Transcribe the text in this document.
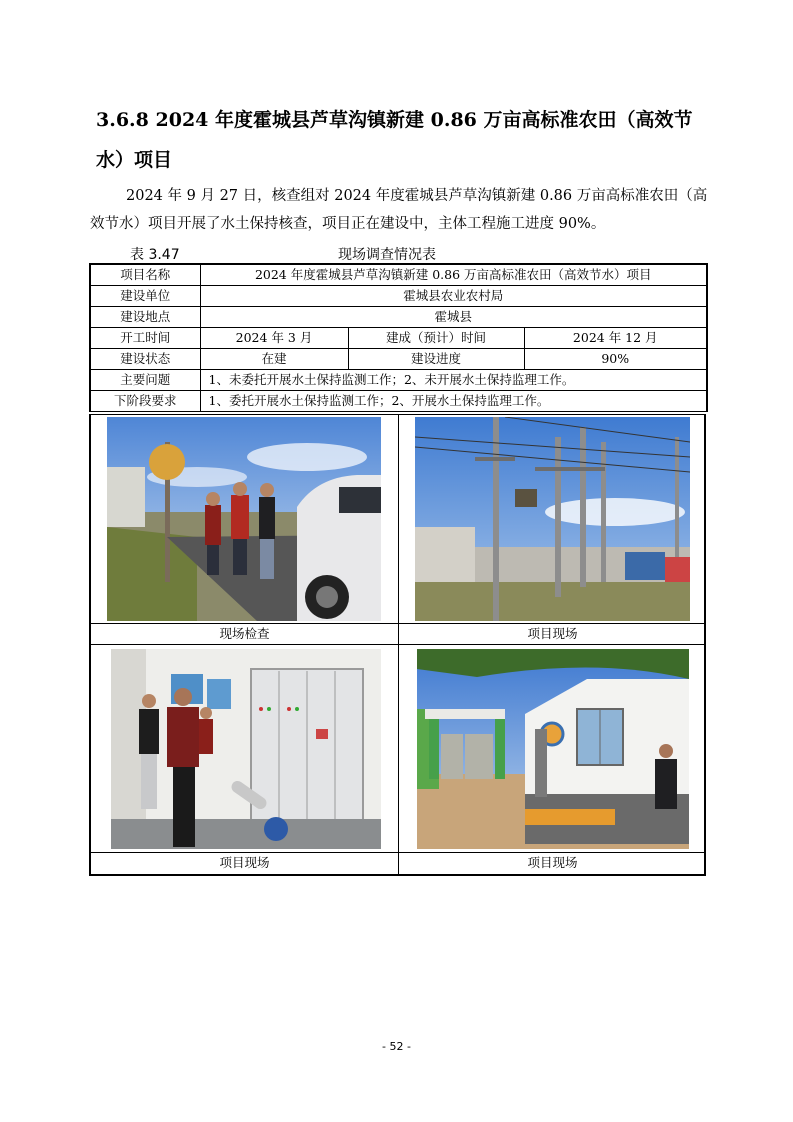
3.6.8 2024 年度霍城县芦草沟镇新建 0.86 万亩高标准农田（高效节水）项目

2024 年 9 月 27 日，核查组对 2024 年度霍城县芦草沟镇新建 0.86 万亩高标准农田（高效节水）项目开展了水土保持核查，项目正在建设中，主体工程施工进度 90%。

表 3.47	现场调查情况表
项目名称	2024 年度霍城县芦草沟镇新建 0.86 万亩高标准农田（高效节水）项目		
建设单位	霍城县农业农村局		
建设地点	霍城县		
开工时间	2024 年 3 月	建成（预计）时间	2024 年 12 月
建设状态	在建	建设进度	90%
主要问题	1、未委托开展水土保持监测工作；2、未开展水土保持监理工作。		
下阶段要求	1、委托开展水土保持监测工作；2、开展水土保持监理工作。		
现场检查	项目现场
项目现场	项目现场
- 52 -
